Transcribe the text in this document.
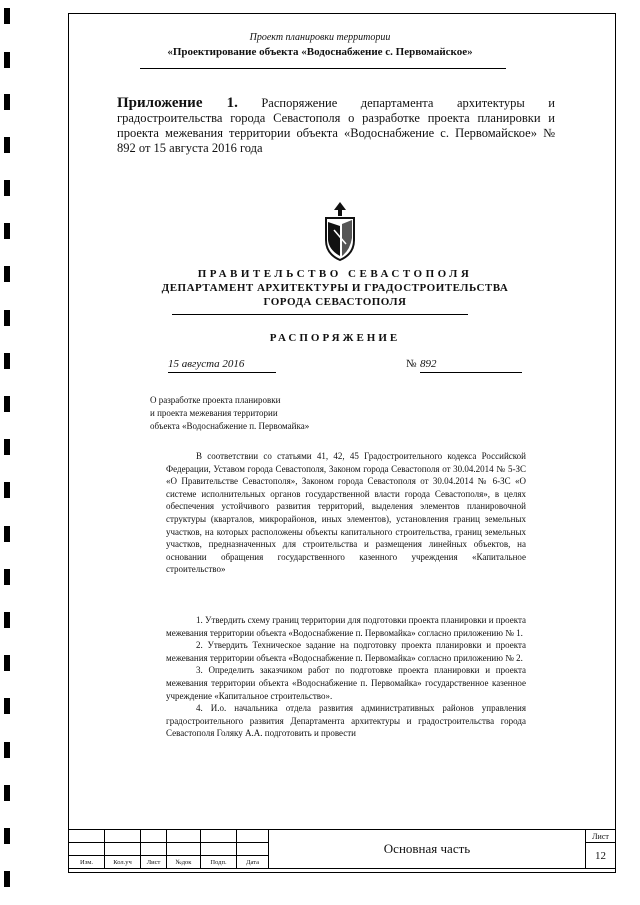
Проект планировки территории
«Проектирование объекта «Водоснабжение с. Первомайское»
Приложение 1. Распоряжение департамента архитектуры и градостроительства города Севастополя о разработке проекта планировки и проекта межевания территории объекта «Водоснабжение с. Первомайское» № 892 от 15 августа 2016 года
ПРАВИТЕЛЬСТВО СЕВАСТОПОЛЯ
ДЕПАРТАМЕНТ АРХИТЕКТУРЫ И ГРАДОСТРОИТЕЛЬСТВА
ГОРОДА СЕВАСТОПОЛЯ
РАСПОРЯЖЕНИЕ
15 августа 2016	№ 892
О разработке проекта планировки
и проекта межевания территории
объекта «Водоснабжение п. Первомайка»

В соответствии со статьями 41, 42, 45 Градостроительного кодекса Российской Федерации, Уставом города Севастополя, Законом города Севастополя от 30.04.2014 № 5-ЗС «О Правительстве Севастополя», Законом города Севастополя от 30.04.2014 № 6-ЗС «О системе исполнительных органов государственной власти города Севастополя», в целях обеспечения устойчивого развития территорий, выделения элементов планировочной структуры (кварталов, микрорайонов, иных элементов), установления границ земельных участков, на которых расположены объекты капитального строительства, границ земельных участков, предназначенных для строительства и размещения линейных объектов, на основании обращения государственного казенного учреждения «Капитальное строительство»

1. Утвердить схему границ территории для подготовки проекта планировки и проекта межевания территории объекта «Водоснабжение п. Первомайка» согласно приложению № 1.

2. Утвердить Техническое задание на подготовку проекта планировки и проекта межевания территории объекта «Водоснабжение п. Первомайка» согласно приложению № 2.

3. Определить заказчиком работ по подготовке проекта планировки и проекта межевания территории объекта «Водоснабжение п. Первомайка» государственное казенное учреждение «Капитальное строительство».

4. И.о. начальника отдела развития административных районов управления градостроительного развития Департамента архитектуры и градостроительства города Севастополя Голяку А.А. подготовить и провести

						Основная часть	Лист
							12
Изм.	Кол.уч	Лист	№док	Подп.	Дата		
